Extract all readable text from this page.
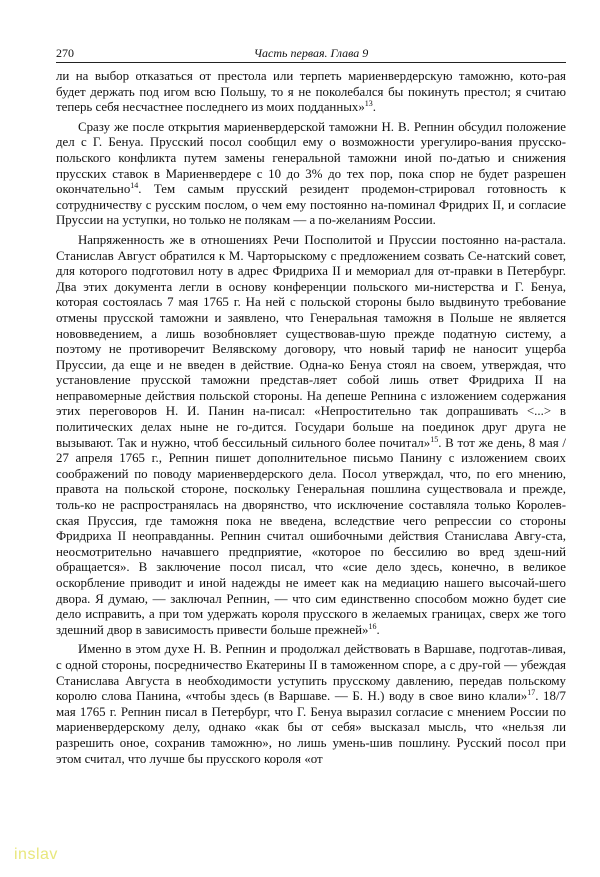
270	Часть первая. Глава 9

ли на выбор отказаться от престола или терпеть мариенвердерскую таможню, кото-рая будет держать под игом всю Польшу, то я не поколебался бы покинуть престол; я считаю теперь себя несчастнее последнего из моих подданных»$^{13}$.

Сразу же после открытия мариенвердерской таможни Н. В. Репнин обсудил положение дел с Г. Бенуа. Прусский посол сообщил ему о возможности урегулиро-вания прусско-польского конфликта путем замены генеральной таможни иной по-датью и снижения прусских ставок в Мариенвердере с 10 до 3% до тех пор, пока спор не будет разрешен окончательно$^{14}$. Тем самым прусский резидент продемон-стрировал готовность к сотрудничеству с русским послом, о чем ему постоянно на-поминал Фридрих II, и согласие Пруссии на уступки, но только не полякам — а по-желаниям России.

Напряженность же в отношениях Речи Посполитой и Пруссии постоянно на-растала. Станислав Август обратился к М. Чарторыскому с предложением созвать Се-натский совет, для которого подготовил ноту в адрес Фридриха II и мемориал для от-правки в Петербург. Два этих документа легли в основу конференции польского ми-нистерства и Г. Бенуа, которая состоялась 7 мая 1765 г. На ней с польской стороны было выдвинуто требование отмены прусской таможни и заявлено, что Генеральная таможня в Польше не является нововведением, а лишь возобновляет существовав-шую прежде податную систему, а поэтому не противоречит Велявскому договору, что новый тариф не наносит ущерба Пруссии, да еще и не введен в действие. Одна-ко Бенуа стоял на своем, утверждая, что установление прусской таможни представ-ляет собой лишь ответ Фридриха II на неправомерные действия польской стороны. На депеше Репнина с изложением содержания этих переговоров Н. И. Панин на-писал: «Непростительно так допрашивать <...> в политических делах ныне не го-дится. Государи больше на поединок друг друга не вызывают. Так и нужно, чтоб бессильный сильного более почитал»$^{15}$. В тот же день, 8 мая / 27 апреля 1765 г., Репнин пишет дополнительное письмо Панину с изложением своих соображений по поводу мариенвердерского дела. Посол утверждал, что, по его мнению, правота на польской стороне, поскольку Генеральная пошлина существовала и прежде, толь-ко не распространялась на дворянство, что исключение составляла только Королев-ская Пруссия, где таможня пока не введена, вследствие чего репрессии со стороны Фридриха II неоправданны. Репнин считал ошибочными действия Станислава Авгу-ста, неосмотрительно начавшего предприятие, «которое по бессилию во вред здеш-ний обращается». В заключение посол писал, что «сие дело здесь, конечно, в великое оскорбление приводит и иной надежды не имеет как на медиацию нашего высочай-шего двора. Я думаю, — заключал Репнин, — что сим единственно способом можно будет сие дело исправить, а при том удержать короля прусского в желаемых границах, сверх же того здешний двор в зависимость привести больше прежней»$^{16}$.

Именно в этом духе Н. В. Репнин и продолжал действовать в Варшаве, подготав-ливая, с одной стороны, посредничество Екатерины II в таможенном споре, а с дру-гой — убеждая Станислава Августа в необходимости уступить прусскому давлению, передав польскому королю слова Панина, «чтобы здесь (в Варшаве. — Б. Н.) воду в свое вино клали»$^{17}$. 18/7 мая 1765 г. Репнин писал в Петербург, что Г. Бенуа выразил согласие с мнением России по мариенвердерскому делу, однако «как бы от себя» высказал мысль, что «нельзя ли разрешить оное, сохранив таможню», но лишь умень-шив пошлину. Русский посол при этом считал, что лучше бы прусского короля «от

inslav
